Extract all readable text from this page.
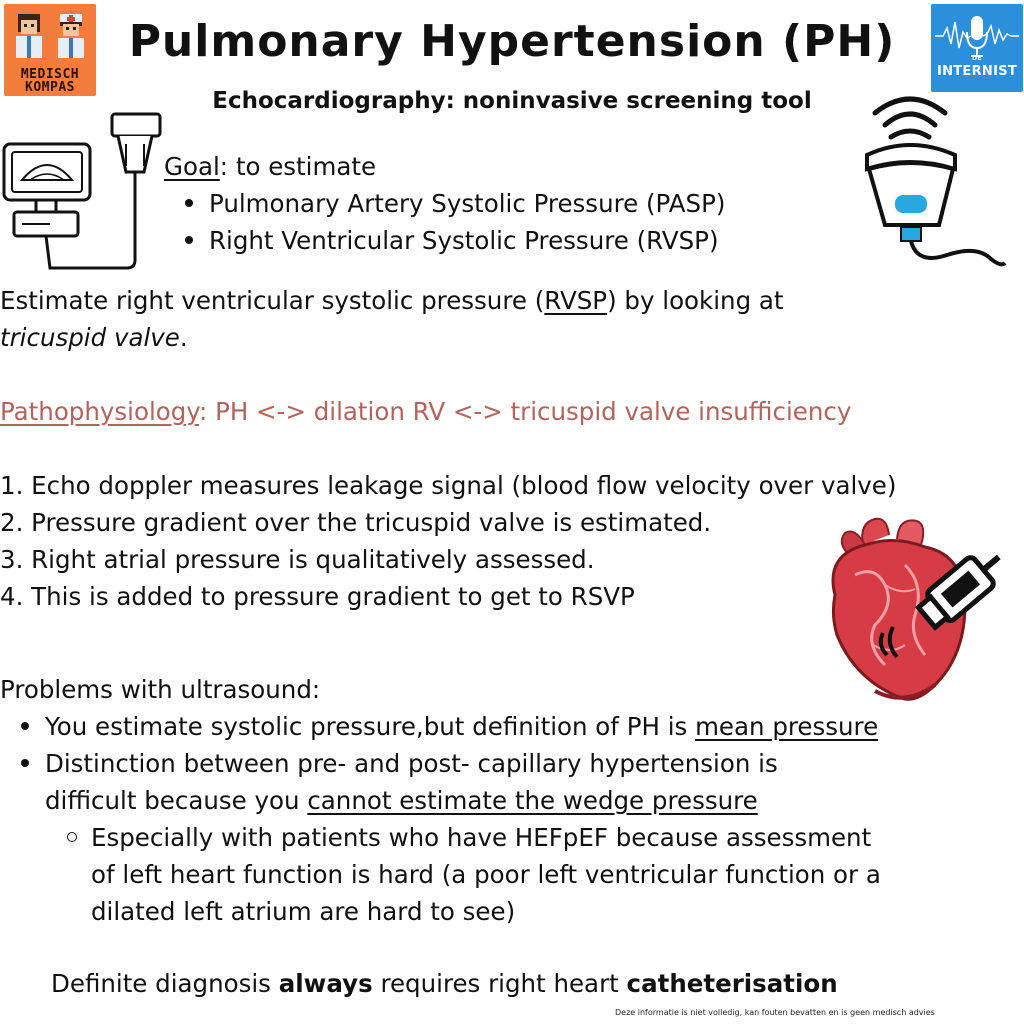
MEDISCH
KOMPAS
DE
INTERNIST
Pulmonary Hypertension (PH)
Echocardiography: noninvasive screening tool
Goal: to estimate
Pulmonary Artery Systolic Pressure (PASP)
Right Ventricular Systolic Pressure (RVSP)
Estimate right ventricular systolic pressure (RVSP) by looking at
tricuspid valve.
Pathophysiology: PH <-> dilation RV <-> tricuspid valve insufficiency
1. Echo doppler measures leakage signal (blood flow velocity over valve)
2. Pressure gradient over the tricuspid valve is estimated.
3. Right atrial pressure is qualitatively assessed.
4. This is added to pressure gradient to get to RSVP
Problems with ultrasound:
You estimate systolic pressure,but definition of PH is mean pressure
Distinction between pre- and post- capillary hypertension is
difficult because you cannot estimate the wedge pressure
Especially with patients who have HEFpEF because assessment
of left heart function is hard (a poor left ventricular function or a
dilated left atrium are hard to see)
Definite diagnosis always requires right heart catheterisation
Deze informatie is niet volledig, kan fouten bevatten en is geen medisch advies
